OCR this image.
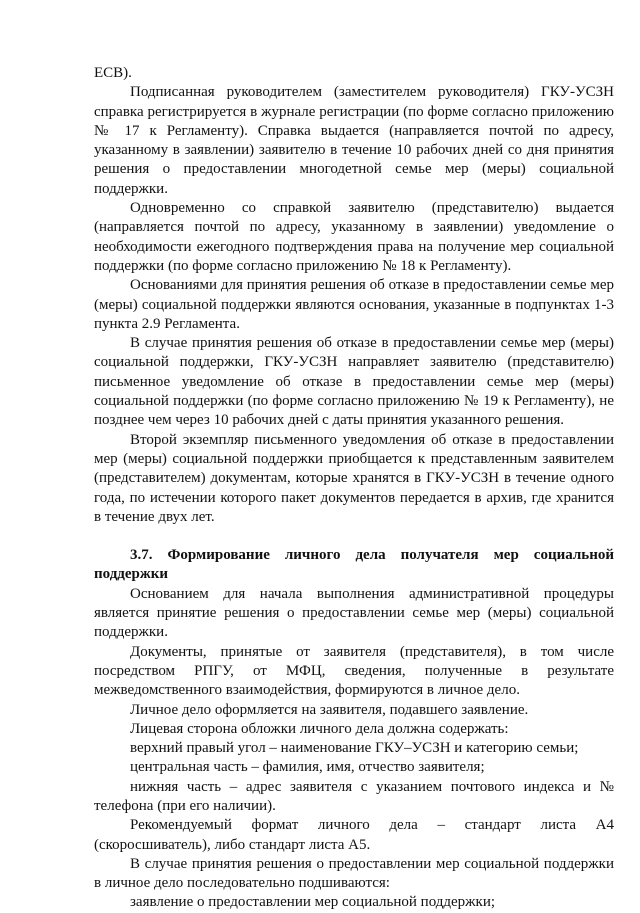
ЕСВ).

Подписанная руководителем (заместителем руководителя) ГКУ-УСЗН справка регистрируется в журнале регистрации (по форме согласно приложению № 17 к Регламенту). Справка выдается (направляется почтой по адресу, указанному в заявлении) заявителю в течение 10 рабочих дней со дня принятия решения о предоставлении многодетной семье мер (меры) социальной поддержки.

Одновременно со справкой заявителю (представителю) выдается (направляется почтой по адресу, указанному в заявлении) уведомление о необходимости ежегодного подтверждения права на получение мер социальной поддержки (по форме согласно приложению № 18 к Регламенту).

Основаниями для принятия решения об отказе в предоставлении семье мер (меры) социальной поддержки являются основания, указанные в подпунктах 1-3 пункта 2.9 Регламента.

В случае принятия решения об отказе в предоставлении семье мер (меры) социальной поддержки, ГКУ-УСЗН направляет заявителю (представителю) письменное уведомление об отказе в предоставлении семье мер (меры) социальной поддержки (по форме согласно приложению № 19 к Регламенту), не позднее чем через 10 рабочих дней с даты принятия указанного решения.

Второй экземпляр письменного уведомления об отказе в предоставлении мер (меры) социальной поддержки приобщается к представленным заявителем (представителем) документам, которые хранятся в ГКУ-УСЗН в течение одного года, по истечении которого пакет документов передается в архив, где хранится в течение двух лет.

3.7. Формирование личного дела получателя мер социальной поддержки

Основанием для начала выполнения административной процедуры является принятие решения о предоставлении семье мер (меры) социальной поддержки.

Документы, принятые от заявителя (представителя), в том числе посредством РПГУ, от МФЦ, сведения, полученные в результате межведомственного взаимодействия, формируются в личное дело.

Личное дело оформляется на заявителя, подавшего заявление.

Лицевая сторона обложки личного дела должна содержать:

верхний правый угол – наименование ГКУ–УСЗН и категорию семьи;

центральная часть – фамилия, имя, отчество заявителя;

нижняя часть – адрес заявителя с указанием почтового индекса и № телефона (при его наличии).

Рекомендуемый формат личного дела – стандарт листа А4 (скоросшиватель), либо стандарт листа А5.

В случае принятия решения о предоставлении мер социальной поддержки в личное дело последовательно подшиваются:

заявление о предоставлении мер социальной поддержки;
